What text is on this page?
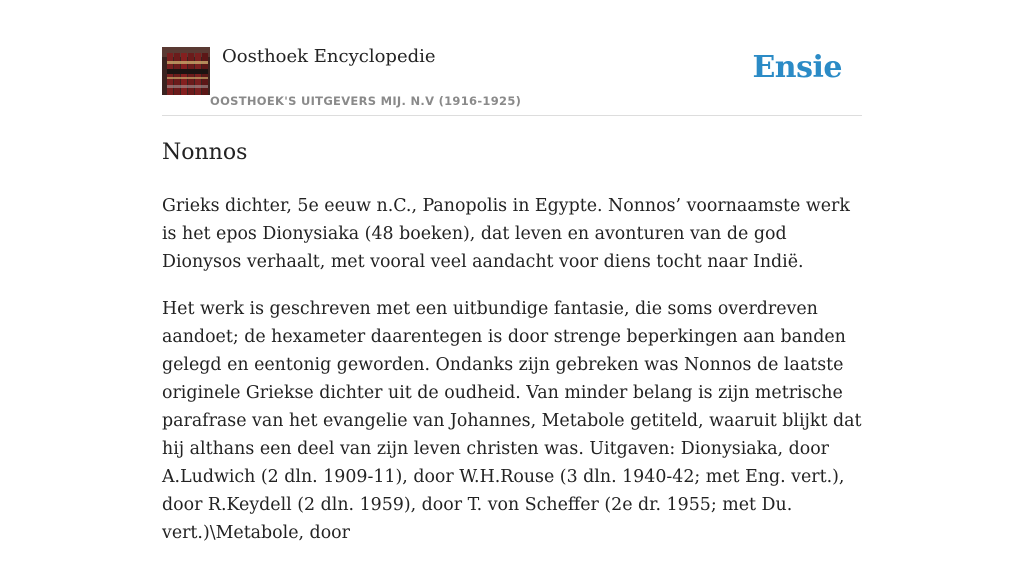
Oosthoek Encyclopedie
OOSTHOEK'S UITGEVERS MIJ. N.V (1916-1925)
Ensie
Nonnos

Grieks dichter, 5e eeuw n.C., Panopolis in Egypte. Nonnos’ voornaamste werk is het epos Dionysiaka (48 boeken), dat leven en avonturen van de god Dionysos verhaalt, met vooral veel aandacht voor diens tocht naar Indië.

Het werk is geschreven met een uitbundige fantasie, die soms overdreven aandoet; de hexameter daarentegen is door strenge beperkingen aan banden gelegd en eentonig geworden. Ondanks zijn gebreken was Nonnos de laatste originele Griekse dichter uit de oudheid. Van minder belang is zijn metrische parafrase van het evangelie van Johannes, Metabole getiteld, waaruit blijkt dat hij althans een deel van zijn leven christen was. Uitgaven: Dionysiaka, door A.Ludwich (2 dln. 1909-11), door W.H.Rouse (3 dln. 1940-42; met Eng. vert.), door R.Keydell (2 dln. 1959), door T. von Scheffer (2e dr. 1955; met Du. vert.)\Metabole, door
